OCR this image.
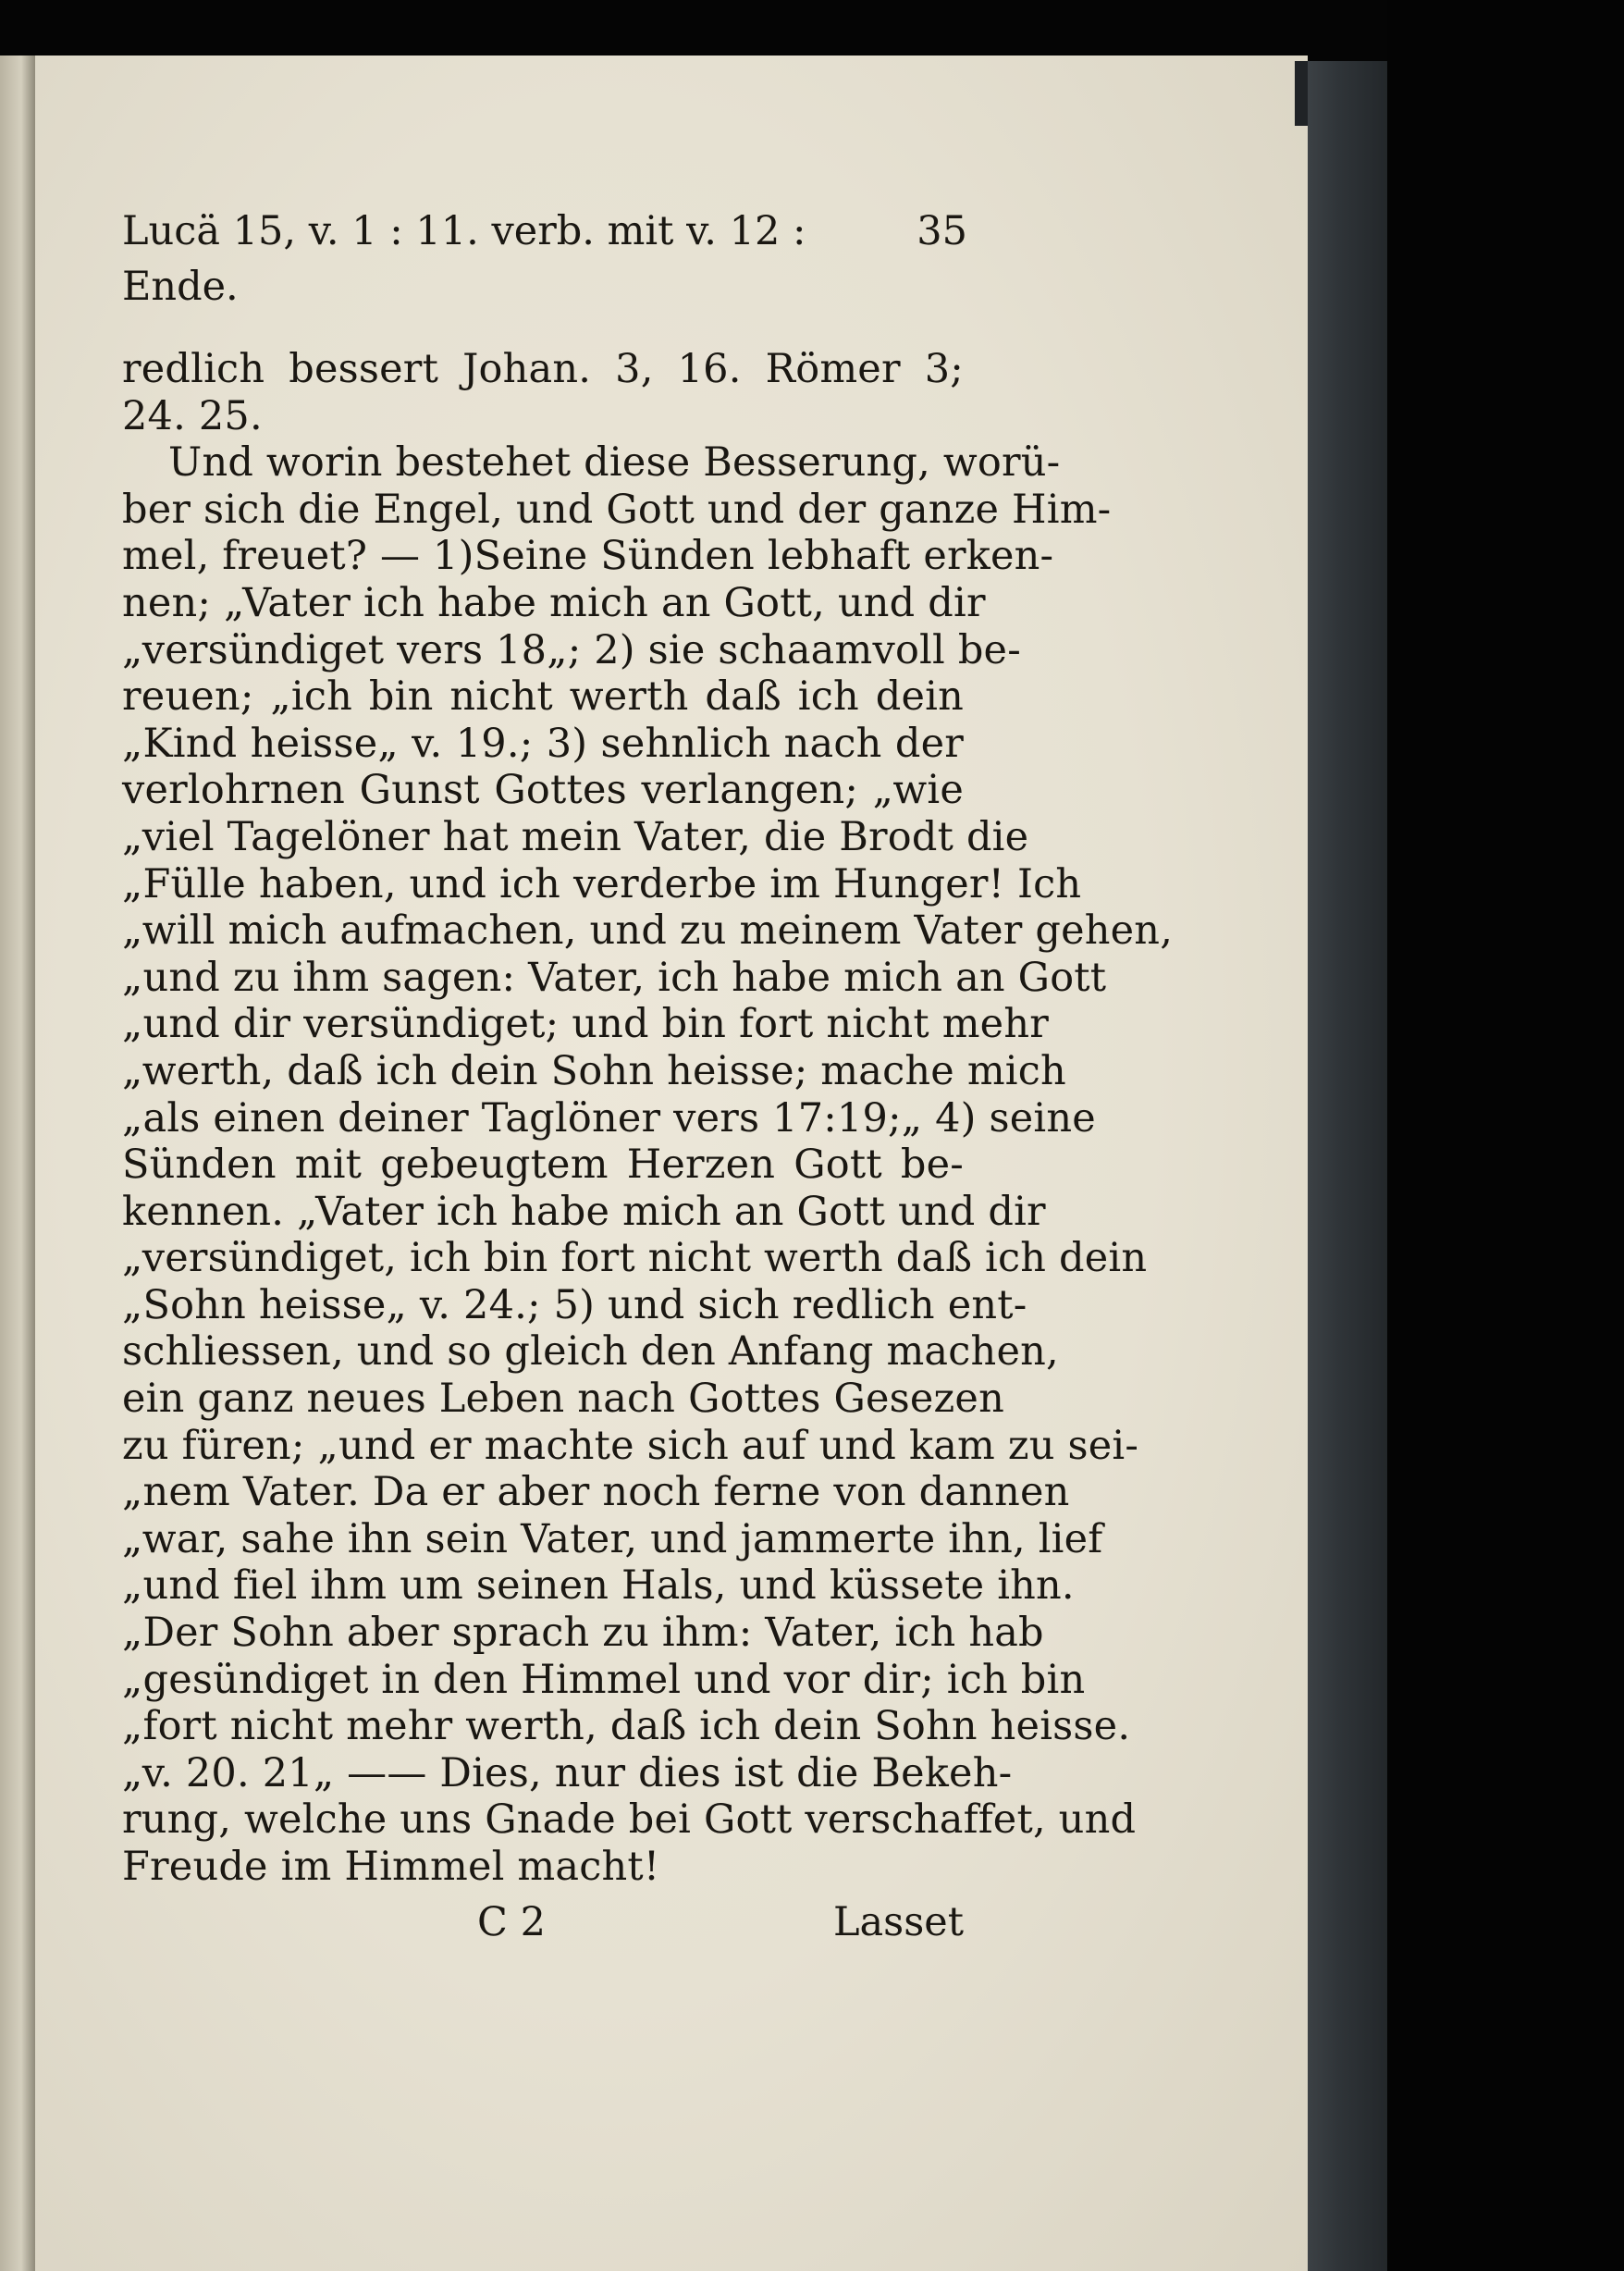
Lucä 15, v. 1 : 11. verb. mit v. 12 : Ende.
35
redlich bessert Johan. 3, 16. Römer 3;
24. 25.
Und worin bestehet diese Besserung, worü-
ber sich die Engel, und Gott und der ganze Him-
mel, freuet? — 1)Seine Sünden lebhaft erken-
nen; „Vater ich habe mich an Gott, und dir
„versündiget vers 18„; 2) sie schaamvoll be-
reuen; „ich bin nicht werth daß ich dein
„Kind heisse„ v. 19.; 3) sehnlich nach der
verlohrnen Gunst Gottes verlangen; „wie
„viel Tagelöner hat mein Vater, die Brodt die
„Fülle haben, und ich verderbe im Hunger! Ich
„will mich aufmachen, und zu meinem Vater gehen,
„und zu ihm sagen: Vater, ich habe mich an Gott
„und dir versündiget; und bin fort nicht mehr
„werth, daß ich dein Sohn heisse; mache mich
„als einen deiner Taglöner vers 17:19;„ 4) seine
Sünden mit gebeugtem Herzen Gott be-
kennen. „Vater ich habe mich an Gott und dir
„versündiget, ich bin fort nicht werth daß ich dein
„Sohn heisse„ v. 24.; 5) und sich redlich ent-
schliessen, und so gleich den Anfang machen,
ein ganz neues Leben nach Gottes Gesezen
zu füren; „und er machte sich auf und kam zu sei-
„nem Vater. Da er aber noch ferne von dannen
„war, sahe ihn sein Vater, und jammerte ihn, lief
„und fiel ihm um seinen Hals, und küssete ihn.
„Der Sohn aber sprach zu ihm: Vater, ich hab
„gesündiget in den Himmel und vor dir; ich bin
„fort nicht mehr werth, daß ich dein Sohn heisse.
„v. 20. 21„ —— Dies, nur dies ist die Bekeh-
rung, welche uns Gnade bei Gott verschaffet, und
Freude im Himmel macht!
C 2	Lasset
